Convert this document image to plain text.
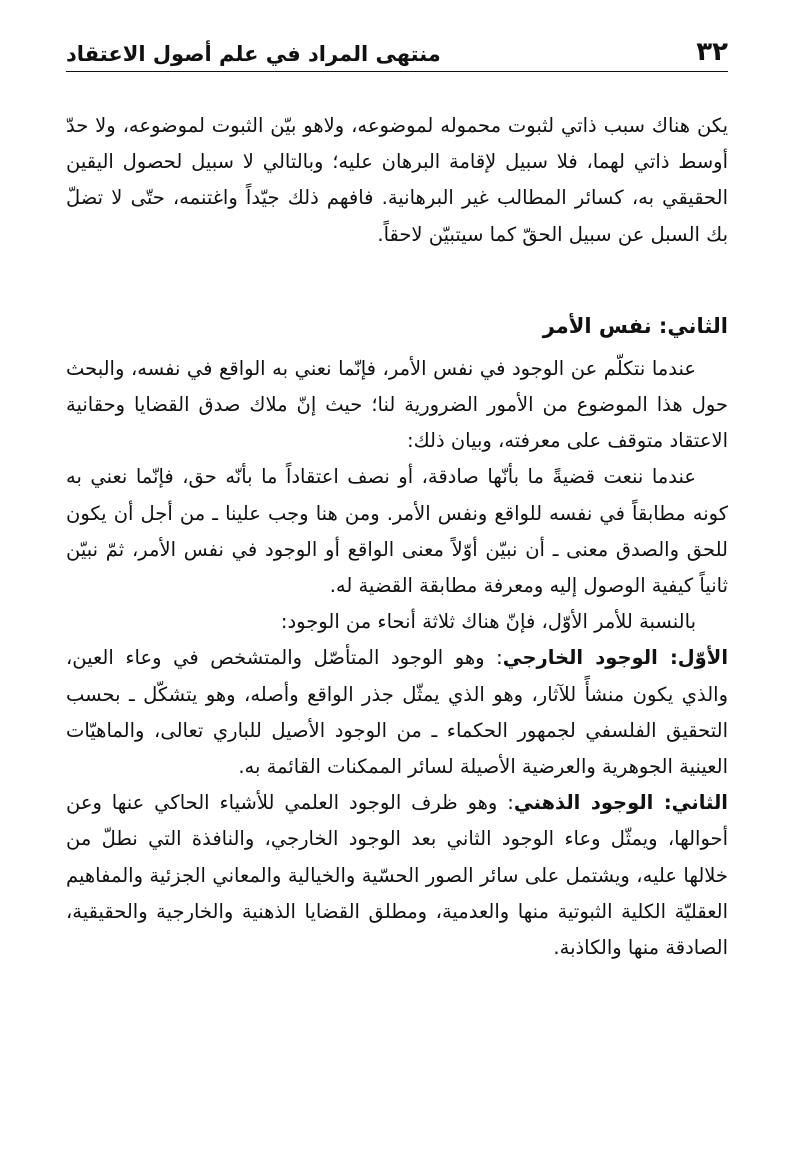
٣٢
منتهى المراد في علم أصول الاعتقاد

يكن هناك سبب ذاتي لثبوت محموله لموضوعه، ولاهو بيّن الثبوت لموضوعه، ولا حدّ أوسط ذاتي لهما، فلا سبيل لإقامة البرهان عليه؛ وبالتالي لا سبيل لحصول اليقين الحقيقي به، كسائر المطالب غير البرهانية. فافهم ذلك جيّداً واغتنمه، حتّى لا تضلّ بك السبل عن سبيل الحقّ كما سيتبيّن لاحقاً.

الثاني: نفس الأمر

عندما نتكلّم عن الوجود في نفس الأمر، فإنّما نعني به الواقع في نفسه، والبحث حول هذا الموضوع من الأمور الضرورية لنا؛ حيث إنّ ملاك صدق القضايا وحقانية الاعتقاد متوقف على معرفته، وبيان ذلك:

عندما ننعت قضيةً ما بأنّها صادقة، أو نصف اعتقاداً ما بأنّه حق، فإنّما نعني به كونه مطابقاً في نفسه للواقع ونفس الأمر. ومن هنا وجب علينا ـ من أجل أن يكون للحق والصدق معنى ـ أن نبيّن أوّلاً معنى الواقع أو الوجود في نفس الأمر، ثمّ نبيّن ثانياً كيفية الوصول إليه ومعرفة مطابقة القضية له.

بالنسبة للأمر الأوّل، فإنّ هناك ثلاثة أنحاء من الوجود:

الأوّل: الوجود الخارجي: وهو الوجود المتأصّل والمتشخص في وعاء العين، والذي يكون منشأً للآثار، وهو الذي يمثّل جذر الواقع وأصله، وهو يتشكّل ـ بحسب التحقيق الفلسفي لجمهور الحكماء ـ من الوجود الأصيل للباري تعالى، والماهيّات العينية الجوهرية والعرضية الأصيلة لسائر الممكنات القائمة به.

الثاني: الوجود الذهني: وهو ظرف الوجود العلمي للأشياء الحاكي عنها وعن أحوالها، ويمثّل وعاء الوجود الثاني بعد الوجود الخارجي، والنافذة التي نطلّ من خلالها عليه، ويشتمل على سائر الصور الحسّية والخيالية والمعاني الجزئية والمفاهيم العقليّة الكلية الثبوتية منها والعدمية، ومطلق القضايا الذهنية والخارجية والحقيقية، الصادقة منها والكاذبة.
